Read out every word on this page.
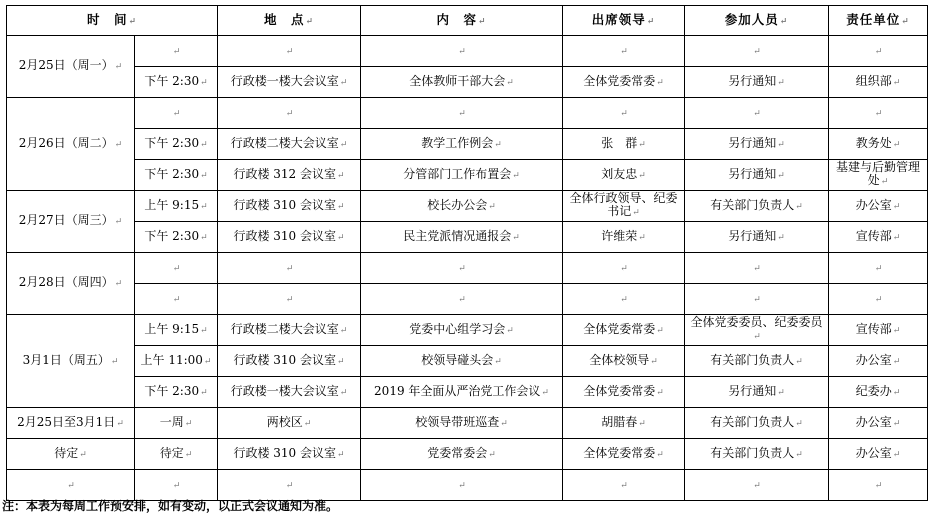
时　间↵		地　点↵	内　容↵	出席领导↵	参加人员↵	责任单位↵
2月25日（周一）↵	↵	↵	↵	↵	↵	↵
	下午 2:30↵	行政楼一楼大会议室↵	全体教师干部大会↵	全体党委常委↵	另行通知↵	组织部↵
2月26日（周二）↵	↵	↵	↵	↵	↵	↵
	下午 2:30↵	行政楼二楼大会议室↵	教学工作例会↵	张　群↵	另行通知↵	教务处↵
	下午 2:30↵	行政楼 312 会议室↵	分管部门工作布置会↵	刘友忠↵	另行通知↵	基建与后勤管理处↵
2月27日（周三）↵	上午 9:15↵	行政楼 310 会议室↵	校长办公会↵	全体行政领导、纪委书记↵	有关部门负责人↵	办公室↵
	下午 2:30↵	行政楼 310 会议室↵	民主党派情况通报会↵	许维荣↵	另行通知↵	宣传部↵
2月28日（周四）↵	↵	↵	↵	↵	↵	↵
	↵	↵	↵	↵	↵	↵
3月1日（周五）↵	上午 9:15↵	行政楼二楼大会议室↵	党委中心组学习会↵	全体党委常委↵	全体党委委员、纪委委员↵	宣传部↵
	上午 11:00↵	行政楼 310 会议室↵	校领导碰头会↵	全体校领导↵	有关部门负责人↵	办公室↵
	下午 2:30↵	行政楼一楼大会议室↵	2019 年全面从严治党工作会议↵	全体党委常委↵	另行通知↵	纪委办↵
2月25日至3月1日↵	一周↵	两校区↵	校领导带班巡查↵	胡腊春↵	有关部门负责人↵	办公室↵
待定↵	待定↵	行政楼 310 会议室↵	党委常委会↵	全体党委常委↵	有关部门负责人↵	办公室↵
↵	↵	↵	↵	↵	↵	↵
注：本表为每周工作预安排，如有变动，以正式会议通知为准。
